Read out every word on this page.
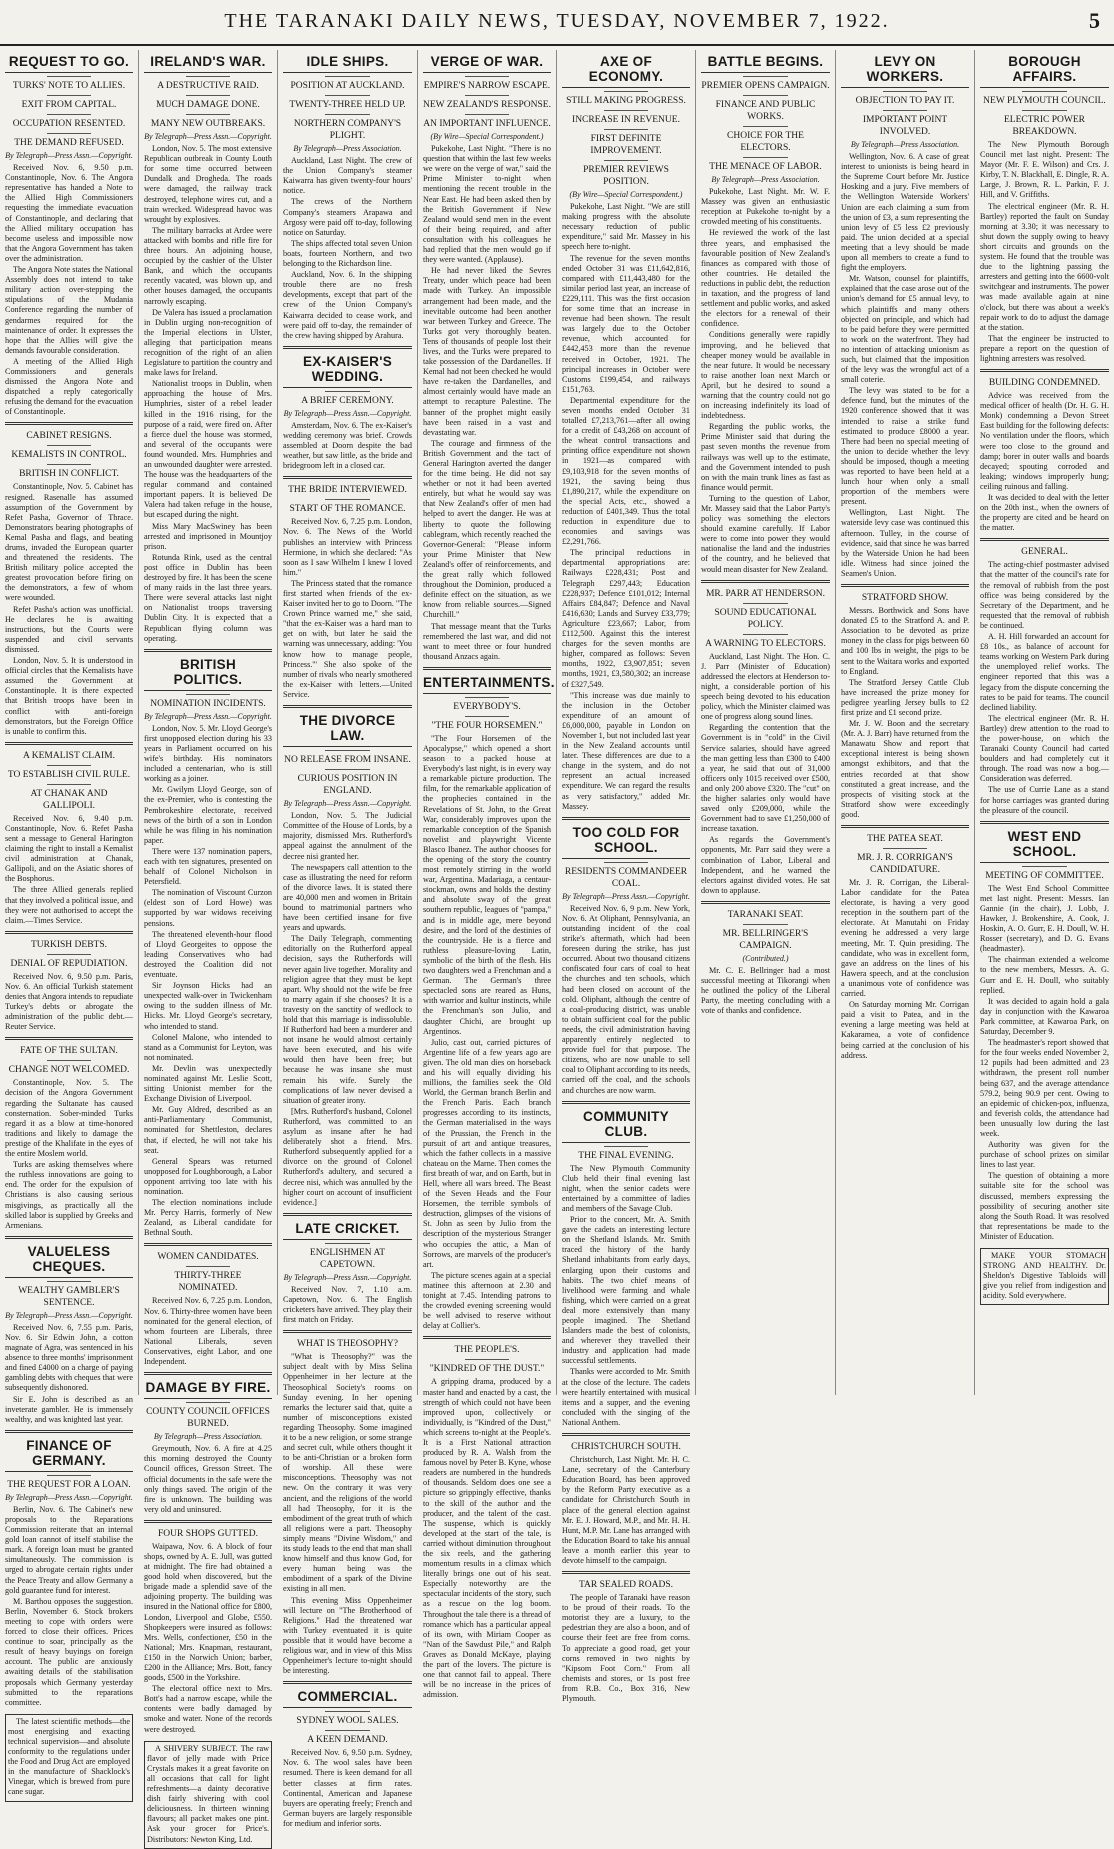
THE TARANAKI DAILY NEWS, TUESDAY, NOVEMBER 7, 1922.	5
REQUEST TO GO.
TURKS' NOTE TO ALLIES.
EXIT FROM CAPITAL.
OCCUPATION RESENTED.
THE DEMAND REFUSED.
By Telegraph—Press Assn.—Copyright.

Received Nov. 6, 9.50 p.m. Constantinople, Nov. 6. The Angora representative has handed a Note to the Allied High Commissioners requesting the immediate evacuation of Constantinople, and declaring that the Allied military occupation has become useless and impossible now that the Angora Government has taken over the administration.

The Angora Note states the National Assembly does not intend to take military action over-stepping the stipulations of the Mudania Conference regarding the number of gendarmes required for the maintenance of order. It expresses the hope that the Allies will give the demands favourable consideration.

A meeting of the Allied High Commissioners and generals dismissed the Angora Note and dispatched a reply categorically refusing the demand for the evacuation of Constantinople.

CABINET RESIGNS.
KEMALISTS IN CONTROL.
BRITISH IN CONFLICT.

Constantinople, Nov. 5. Cabinet has resigned. Rasenalle has assumed assumption of the Government by Refet Pasha, Governor of Thrace. Demonstrators bearing photographs of Kemal Pasha and flags, and beating drums, invaded the European quarter and threatened the residents. The British military police accepted the greatest provocation before firing on the demonstrators, a few of whom were wounded.

Refet Pasha's action was unofficial. He declares he is awaiting instructions, but the Courts were suspended and civil servants dismissed.

London, Nov. 5. It is understood in official circles that the Kemalists have assumed the Government at Constantinople. It is there expected that British troops have been in conflict with anti-foreign demonstrators, but the Foreign Office is unable to confirm this.

A KEMALIST CLAIM.
TO ESTABLISH CIVIL RULE.
AT CHANAK AND GALLIPOLI.

Received Nov. 6, 9.40 p.m. Constantinople, Nov. 6. Refet Pasha sent a message to General Harington claiming the right to install a Kemalist civil administration at Chanak, Gallipoli, and on the Asiatic shores of the Bosphorus.

The three Allied generals replied that they involved a political issue, and they were not authorised to accept the claim.—Times Service.

TURKISH DEBTS.
DENIAL OF REPUDIATION.

Received Nov. 6, 9.50 p.m. Paris, Nov. 6. An official Turkish statement denies that Angora intends to repudiate Turkey's debts or abrogate the administration of the public debt.—Reuter Service.

FATE OF THE SULTAN.
CHANGE NOT WELCOMED.

Constantinople, Nov. 5. The decision of the Angora Government regarding the Sultanate has caused consternation. Sober-minded Turks regard it as a blow at time-honored traditions and likely to damage the prestige of the Khalifate in the eyes of the entire Moslem world.

Turks are asking themselves where the ruthless innovations are going to end. The order for the expulsion of Christians is also causing serious misgivings, as practically all the skilled labor is supplied by Greeks and Armenians.

VALUELESS CHEQUES.
WEALTHY GAMBLER'S SENTENCE.
By Telegraph—Press Assn.—Copyright.

Received Nov. 6, 7.55 p.m. Paris, Nov. 6. Sir Edwin John, a cotton magnate of Agra, was sentenced in his absence to three months' imprisonment and fined £4000 on a charge of paying gambling debts with cheques that were subsequently dishonored.

Sir E. John is described as an inveterate gambler. He is immensely wealthy, and was knighted last year.

FINANCE OF GERMANY.
THE REQUEST FOR A LOAN.
By Telegraph—Press Assn.—Copyright.

Berlin, Nov. 6. The Cabinet's new proposals to the Reparations Commission reiterate that an internal gold loan cannot of itself stabilise the mark. A foreign loan must be granted simultaneously. The commission is urged to abrogate certain rights under the Peace Treaty and allow Germany a gold guarantee fund for interest.

M. Barthou opposes the suggestion. Berlin, November 6. Stock brokers meeting to cope with orders were forced to close their offices. Prices continue to soar, principally as the result of heavy buyings on foreign account. The public are anxiously awaiting details of the stabilisation proposals which Germany yesterday submitted to the reparations committee.

The latest scientific methods—the most energising and exacting technical supervision—and absolute conformity to the regulations under the Food and Drug Act are employed in the manufacture of Shacklock's Vinegar, which is brewed from pure cane sugar.

IRELAND'S WAR.
A DESTRUCTIVE RAID.
MUCH DAMAGE DONE.
MANY NEW OUTBREAKS.
By Telegraph—Press Assn.—Copyright.

London, Nov. 5. The most extensive Republican outbreak in County Louth for some time occurred between Dundalk and Drogheda. The roads were damaged, the railway track destroyed, telephone wires cut, and a train wrecked. Widespread havoc was wrought by explosives.

The military barracks at Ardee were attacked with bombs and rifle fire for three hours. An adjoining house, occupied by the cashier of the Ulster Bank, and which the occupants recently vacated, was blown up, and other houses damaged, the occupants narrowly escaping.

De Valera has issued a proclamation in Dublin urging non-recognition of the Imperial elections in Ulster, alleging that participation means recognition of the right of an alien Legislature to partition the country and make laws for Ireland.

Nationalist troops in Dublin, when approaching the house of Mrs. Humphries, sister of a rebel leader killed in the 1916 rising, for the purpose of a raid, were fired on. After a fierce duel the house was stormed, and several of the occupants were found wounded. Mrs. Humphries and an unwounded daughter were arrested. The house was the headquarters of the regular command and contained important papers. It is believed De Valera had taken refuge in the house, but escaped during the night.

Miss Mary MacSwiney has been arrested and imprisoned in Mountjoy prison.

Rotunda Rink, used as the central post office in Dublin has been destroyed by fire. It has been the scene of many raids in the last three years. There were several attacks last night on Nationalist troops traversing Dublin City. It is expected that a Republican flying column was operating.

BRITISH POLITICS.
NOMINATION INCIDENTS.
By Telegraph—Press Assn.—Copyright.

London, Nov. 5. Mr. Lloyd George's first unopposed election during his 33 years in Parliament occurred on his wife's birthday. His nominators included a centenarian, who is still working as a joiner.

Mr. Gwilym Lloyd George, son of the ex-Premier, who is contesting the Pembrokeshire electorate, received news of the birth of a son in London while he was filing in his nomination paper.

There were 137 nomination papers, each with ten signatures, presented on behalf of Colonel Nicholson in Petersfield.

The nomination of Viscount Curzon (eldest son of Lord Howe) was supported by war widows receiving pensions.

The threatened eleventh-hour flood of Lloyd Georgeites to oppose the leading Conservatives who had destroyed the Coalition did not eventuate.

Sir Joynson Hicks had an unexpected walk-over in Twickenham owing to the sudden illness of Mr. Hicks. Mr. Lloyd George's secretary, who intended to stand.

Colonel Malone, who intended to stand as a Communist for Leyton, was not nominated.

Mr. Devlin was unexpectedly nominated against Mr. Leslie Scott, sitting Unionist member for the Exchange Division of Liverpool.

Mr. Guy Aldred, described as an anti-Parliamentary Communist, nominated for Shettleston, declares that, if elected, he will not take his seat.

General Spears was returned unopposed for Loughborough, a Labor opponent arriving too late with his nomination.

The election nominations include Mr. Percy Harris, formerly of New Zealand, as Liberal candidate for Bethnal South.

WOMEN CANDIDATES.
THIRTY-THREE NOMINATED.

Received Nov. 6, 7.25 p.m. London, Nov. 6. Thirty-three women have been nominated for the general election, of whom fourteen are Liberals, three National Liberals, seven Conservatives, eight Labor, and one Independent.

DAMAGE BY FIRE.
COUNTY COUNCIL OFFICES BURNED.
By Telegraph—Press Association.

Greymouth, Nov. 6. A fire at 4.25 this morning destroyed the County Council offices, Gresson Street. The official documents in the safe were the only things saved. The origin of the fire is unknown. The building was very old and uninsured.

FOUR SHOPS GUTTED.

Waipawa, Nov. 6. A block of four shops, owned by A. E. Jull, was gutted at midnight. The fire had obtained a good hold when discovered, but the brigade made a splendid save of the adjoining property. The building was insured in the National office for £800, London, Liverpool and Globe, £550. Shopkeepers were insured as follows: Mrs. Wells, confectioner, £50 in the National; Mrs. Knapman, restaurant, £150 in the Norwich Union; barber, £200 in the Alliance; Mrs. Bott, fancy goods, £500 in the Yorkshire.

The electoral office next to Mrs. Bott's had a narrow escape, while the contents were badly damaged by smoke and water. None of the records were destroyed.

A SHIVERY SUBJECT. The raw flavor of jelly made with Price Crystals makes it a great favorite on all occasions that call for light refreshments—a dainty decorative dish fairly shivering with cool deliciousness. In thirteen winning flavours; all packet makes one pint. Ask your grocer for Price's. Distributors: Newton King, Ltd.

IDLE SHIPS.
POSITION AT AUCKLAND.
TWENTY-THREE HELD UP.
NORTHERN COMPANY'S PLIGHT.
By Telegraph—Press Association.

Auckland, Last Night. The crew of the Union Company's steamer Kaiwarra has given twenty-four hours' notice.

The crews of the Northern Company's steamers Arapawa and Argosy were paid off to-day, following notice on Saturday.

The ships affected total seven Union boats, fourteen Northern, and two belonging to the Richardson line.

Auckland, Nov. 6. In the shipping trouble there are no fresh developments, except that part of the crew of the Union Company's Kaiwarra decided to cease work, and were paid off to-day, the remainder of the crew having shipped by Arahura.

EX-KAISER'S WEDDING.
A BRIEF CEREMONY.
By Telegraph—Press Assn.—Copyright.

Amsterdam, Nov. 6. The ex-Kaiser's wedding ceremony was brief. Crowds assembled at Doorn despite the bad weather, but saw little, as the bride and bridegroom left in a closed car.

THE BRIDE INTERVIEWED.
START OF THE ROMANCE.

Received Nov. 6, 7.25 p.m. London, Nov. 6. The News of the World publishes an interview with Princess Hermione, in which she declared: "As soon as I saw Wilhelm I knew I loved him."

The Princess stated that the romance first started when friends of the ex-Kaiser invited her to go to Doorn. "The Crown Prince warned me," she said, "that the ex-Kaiser was a hard man to get on with, but later he said the warning was unnecessary, adding: 'You know how to manage people, Princess.'" She also spoke of the number of rivals who nearly smothered the ex-Kaiser with letters.—United Service.

THE DIVORCE LAW.
NO RELEASE FROM INSANE.
CURIOUS POSITION IN ENGLAND.
By Telegraph—Press Assn.—Copyright.

London, Nov. 5. The Judicial Committee of the House of Lords, by a majority, dismissed Mrs. Rutherford's appeal against the annulment of the decree nisi granted her.

The newspapers call attention to the case as illustrating the need for reform of the divorce laws. It is stated there are 40,000 men and women in Britain bound to matrimonial partners who have been certified insane for five years and upwards.

The Daily Telegraph, commenting editorially on the Rutherford appeal decision, says the Rutherfords will never again live together. Morality and religion agree that they must be kept apart. Why should not the wife be free to marry again if she chooses? It is a travesty on the sanctity of wedlock to hold that this marriage is indissoluble. If Rutherford had been a murderer and not insane he would almost certainly have been executed, and his wife would then have been free; but because he was insane she must remain his wife. Surely the complications of law never devised a situation of greater irony.

[Mrs. Rutherford's husband, Colonel Rutherford, was committed to an asylum as insane after he had deliberately shot a friend. Mrs. Rutherford subsequently applied for a divorce on the ground of Colonel Rutherford's adultery, and secured a decree nisi, which was annulled by the higher court on account of insufficient evidence.]

LATE CRICKET.
ENGLISHMEN AT CAPETOWN.
By Telegraph—Press Assn.—Copyright.

Received Nov. 7, 1.10 a.m. Capetown, Nov. 6. The English cricketers have arrived. They play their first match on Friday.

WHAT IS THEOSOPHY?

"What is Theosophy?" was the subject dealt with by Miss Selina Oppenheimer in her lecture at the Theosophical Society's rooms on Sunday evening. In her opening remarks the lecturer said that, quite a number of misconceptions existed regarding Theosophy. Some imagined it to be a new religion, or some strange and secret cult, while others thought it to be anti-Christian or a broken form of worship. All these were misconceptions. Theosophy was not new. On the contrary it was very ancient, and the religions of the world all had Theosophy, for it is the embodiment of the great truth of which all religions were a part. Theosophy simply means "Divine Wisdom," and its study leads to the end that man shall know himself and thus know God, for every human being was the embodiment of a spark of the Divine existing in all men.

This evening Miss Oppenheimer will lecture on "The Brotherhood of Religions." Had the threatened war with Turkey eventuated it is quite possible that it would have become a religious war, and in view of this Miss Oppenheimer's lecture to-night should be interesting.

COMMERCIAL.
SYDNEY WOOL SALES.
A KEEN DEMAND.

Received Nov. 6, 9.50 p.m. Sydney, Nov. 6. The wool sales have been resumed. There is keen demand for all better classes at firm rates. Continental, American and Japanese buyers are operating freely; French and German buyers are largely responsible for medium and inferior sorts.

VERGE OF WAR.
EMPIRE'S NARROW ESCAPE.
NEW ZEALAND'S RESPONSE.
AN IMPORTANT INFLUENCE.
(By Wire—Special Correspondent.)

Pukekohe, Last Night. "There is no question that within the last few weeks we were on the verge of war," said the Prime Minister to-night when mentioning the recent trouble in the Near East. He had been asked then by the British Government if New Zealand would send men in the event of their being required, and after consultation with his colleagues he had replied that the men would go if they were wanted. (Applause).

He had never liked the Sevres Treaty, under which peace had been made with Turkey. An impossible arrangement had been made, and the inevitable outcome had been another war between Turkey and Greece. The Turks got very thoroughly beaten. Tens of thousands of people lost their lives, and the Turks were prepared to take possession of the Dardanelles. If Kemal had not been checked he would have re-taken the Dardanelles, and almost certainly would have made an attempt to recapture Palestine. The banner of the prophet might easily have been raised in a vast and devastating war.

The courage and firmness of the British Government and the tact of General Harington averted the danger for the time being. He did not say whether or not it had been averted entirely, but what he would say was that New Zealand's offer of men had helped to avert the danger. He was at liberty to quote the following cablegram, which recently reached the Governor-General: "Please inform your Prime Minister that New Zealand's offer of reinforcements, and the great rally which followed throughout the Dominion, produced a definite effect on the situation, as we know from reliable sources.—Signed Churchill."

That message meant that the Turks remembered the last war, and did not want to meet three or four hundred thousand Anzacs again.

ENTERTAINMENTS.
EVERYBODY'S.
"THE FOUR HORSEMEN."

"The Four Horsemen of the Apocalypse," which opened a short season to a packed house at Everybody's last night, is in every way a remarkable picture production. The film, for the remarkable application of the prophecies contained in the Revelations of St. John, to the Great War, considerably improves upon the remarkable conception of the Spanish novelist and playwright Vicente Blasco Ibanez. The author chooses for the opening of the story the country most remotely stirring in the world war, Argentina. Madariaga, a centaur-stockman, owns and holds the destiny and absolute sway of the great southern republic, leagues of "pampa," and is in middle age, mere beyond desire, and the lord of the destinies of the countryside. He is a fierce and ruthless pleasure-loving Latin, symbolic of the birth of the flesh. His two daughters wed a Frenchman and a German. The German's three spectacled sons are reared as Huns, with warrior and kultur instincts, while the Frenchman's son Julio, and daughter Chichi, are brought up Argentinos.

Julio, cast out, carried pictures of Argentine life of a few years ago are given. The old man dies on horseback and his will equally dividing his millions, the families seek the Old World, the German branch Berlin and the French Paris. Each branch progresses according to its instincts, the German materialised in the ways of the Prussian, the French in the pursuit of art and antique treasures, which the father collects in a massive chateau on the Marne. Then comes the first breath of war, and on Earth, but in Hell, where all wars breed. The Beast of the Seven Heads and the Four Horsemen, the terrible symbols of destruction, glimpses of the visions of St. John as seen by Julio from the description of the mysterious Stranger who occupies the attic, a Man of Sorrows, are marvels of the producer's art.

The picture scenes again at a special matinee this afternoon at 2.30 and tonight at 7.45. Intending patrons to the crowded evening screening would be well advised to reserve without delay at Collier's.

THE PEOPLE'S.
"KINDRED OF THE DUST."

A gripping drama, produced by a master hand and enacted by a cast, the strength of which could not have been improved upon, collectively or individually, is "Kindred of the Dust," which screens to-night at the People's. It is a First National attraction produced by R. A. Walsh from the famous novel by Peter B. Kyne, whose readers are numbered in the hundreds of thousands. Seldom does one see a picture so grippingly effective, thanks to the skill of the author and the producer, and the talent of the cast. The suspense, which is quickly developed at the start of the tale, is carried without diminution throughout the six reels, and the gathering momentum results in a climax which literally brings one out of his seat. Especially noteworthy are the spectacular incidents of the story, such as a rescue on the log boom. Throughout the tale there is a thread of romance which has a particular appeal of its own, with Miriam Cooper as "Nan of the Sawdust Pile," and Ralph Graves as Donald McKaye, playing the part of the lovers. The picture is one that cannot fail to appeal. There will be no increase in the prices of admission.

AXE OF ECONOMY.
STILL MAKING PROGRESS.
INCREASE IN REVENUE.
FIRST DEFINITE IMPROVEMENT.
PREMIER REVIEWS POSITION.
(By Wire—Special Correspondent.)

Pukekohe, Last Night. "We are still making progress with the absolute necessary reduction of public expenditure," said Mr. Massey in his speech here to-night.

The revenue for the seven months ended October 31 was £11,642,816, compared with £11,443,480 for the similar period last year, an increase of £229,111. This was the first occasion for some time that an increase in revenue had been shown. The result was largely due to the October revenue, which accounted for £442,453 more than the revenue received in October, 1921. The principal increases in October were Customs £199,454, and railways £151,763.

Departmental expenditure for the seven months ended October 31 totalled £7,213,761—after all owing for a credit of £43,268 on account of the wheat control transactions and printing office expenditure not shown in 1921—as compared with £9,103,918 for the seven months of 1921, the saving being thus £1,890,217, while the expenditure on the special Acts, etc., showed a reduction of £401,349. Thus the total reduction in expenditure due to economies and savings was £2,291,766.

The principal reductions in departmental appropriations are: Railways £228,431; Post and Telegraph £297,443; Education £228,937; Defence £101,012; Internal Affairs £84,847; Defence and Naval £416,630; Lands and Survey £33,779; Agriculture £23,667; Labor, from £112,500. Against this the interest charges for the seven months are higher, compared as follows: Seven months, 1922, £3,907,851; seven months, 1921, £3,580,302; an increase of £327,549.

"This increase was due mainly to the inclusion in the October expenditure of an amount of £6,000,000, payable in London on November 1, but not included last year in the New Zealand accounts until later. These differences are due to a change in the system, and do not represent an actual increased expenditure. We can regard the results as very satisfactory," added Mr. Massey.

TOO COLD FOR SCHOOL.
RESIDENTS COMMANDEER COAL.
By Telegraph—Press Assn.—Copyright.

Received Nov. 6, 9 p.m. New York, Nov. 6. At Oliphant, Pennsylvania, an outstanding incident of the coal strike's aftermath, which had been foreseen during the strike, has just occurred. About two thousand citizens confiscated four cars of coal to heat the churches and ten schools, which had been closed on account of the cold. Oliphant, although the centre of a coal-producing district, was unable to obtain sufficient coal for the public needs, the civil administration having apparently entirely neglected to provide fuel for that purpose. The citizens, who are now unable to sell coal to Oliphant according to its needs, carried off the coal, and the schools and churches are now warm.

COMMUNITY CLUB.
THE FINAL EVENING.

The New Plymouth Community Club held their final evening last night, when the senior cadets were entertained by a committee of ladies and members of the Savage Club.

Prior to the concert, Mr. A. Smith gave the cadets an interesting lecture on the Shetland Islands. Mr. Smith traced the history of the hardy Shetland inhabitants from early days, enlarging upon their customs and habits. The two chief means of livelihood were farming and whale fishing, which were carried on a great deal more extensively than many people imagined. The Shetland Islanders made the best of colonists, and wherever they travelled their industry and application had made successful settlements.

Thanks were accorded to Mr. Smith at the close of the lecture. The cadets were heartily entertained with musical items and a supper, and the evening concluded with the singing of the National Anthem.

CHRISTCHURCH SOUTH.

Christchurch, Last Night. Mr. H. C. Lane, secretary of the Canterbury Education Board, has been approved by the Reform Party executive as a candidate for Christchurch South in place of the general election against Mr. E. J. Howard, M.P., and Mr. H. H. Hunt, M.P. Mr. Lane has arranged with the Education Board to take his annual leave a month earlier this year to devote himself to the campaign.

TAR SEALED ROADS.

The people of Taranaki have reason to be proud of their roads. To the motorist they are a luxury, to the pedestrian they are also a boon, and of course their feet are free from corns. To appreciate a good road, get your corns removed in two nights by "Kipsom Foot Corn." From all chemists and stores, or 1s post free from R.B. Co., Box 316, New Plymouth.

BATTLE BEGINS.
PREMIER OPENS CAMPAIGN.
FINANCE AND PUBLIC WORKS.
CHOICE FOR THE ELECTORS.
THE MENACE OF LABOR.
By Telegraph—Press Association.

Pukekohe, Last Night. Mr. W. F. Massey was given an enthusiastic reception at Pukekohe to-night by a crowded meeting of his constituents.

He reviewed the work of the last three years, and emphasised the favourable position of New Zealand's finances as compared with those of other countries. He detailed the reductions in public debt, the reduction in taxation, and the progress of land settlement and public works, and asked the electors for a renewal of their confidence.

Conditions generally were rapidly improving, and he believed that cheaper money would be available in the near future. It would be necessary to raise another loan next March or April, but he desired to sound a warning that the country could not go on increasing indefinitely its load of indebtedness.

Regarding the public works, the Prime Minister said that during the past seven months the revenue from railways was well up to the estimate, and the Government intended to push on with the main trunk lines as fast as finance would permit.

Turning to the question of Labor, Mr. Massey said that the Labor Party's policy was something the electors should examine carefully. If Labor were to come into power they would nationalise the land and the industries of the country, and he believed that would mean disaster for New Zealand.

MR. PARR AT HENDERSON.
SOUND EDUCATIONAL POLICY.
A WARNING TO ELECTORS.

Auckland, Last Night. The Hon. C. J. Parr (Minister of Education) addressed the electors at Henderson to-night, a considerable portion of his speech being devoted to his education policy, which the Minister claimed was one of progress along sound lines.

Regarding the contention that the Government is in "cold" in the Civil Service salaries, should have agreed the man getting less than £300 to £400 a year, he said that out of 31,000 officers only 1015 received over £500, and only 200 above £320. The "cut" on the higher salaries only would have saved only £209,000, while the Government had to save £1,250,000 of increase taxation.

As regards the Government's opponents, Mr. Parr said they were a combination of Labor, Liberal and Independent, and he warned the electors against divided votes. He sat down to applause.

TARANAKI SEAT.
MR. BELLRINGER'S CAMPAIGN.
(Contributed.)

Mr. C. E. Bellringer had a most successful meeting at Tikorangi when he outlined the policy of the Liberal Party, the meeting concluding with a vote of thanks and confidence.

LEVY ON WORKERS.
OBJECTION TO PAY IT.
IMPORTANT POINT INVOLVED.
By Telegraph—Press Association.

Wellington, Nov. 6. A case of great interest to unionists is being heard in the Supreme Court before Mr. Justice Hosking and a jury. Five members of the Wellington Waterside Workers' Union are each claiming a sum from the union of £3, a sum representing the union levy of £5 less £2 previously paid. The union decided at a special meeting that a levy should be made upon all members to create a fund to fight the employers.

Mr. Watson, counsel for plaintiffs, explained that the case arose out of the union's demand for £5 annual levy, to which plaintiffs and many others objected on principle, and which had to be paid before they were permitted to work on the waterfront. They had no intention of attacking unionism as such, but claimed that the imposition of the levy was the wrongful act of a small coterie.

The levy was stated to be for a defence fund, but the minutes of the 1920 conference showed that it was intended to raise a strike fund estimated to produce £8000 a year. There had been no special meeting of the union to decide whether the levy should be imposed, though a meeting was reported to have been held at a lunch hour when only a small proportion of the members were present.

Wellington, Last Night. The waterside levy case was continued this afternoon. Tulley, in the course of evidence, said that since he was barred by the Waterside Union he had been idle. Witness had since joined the Seamen's Union.

STRATFORD SHOW.

Messrs. Borthwick and Sons have donated £5 to the Stratford A. and P. Association to be devoted as prize money in the class for pigs between 60 and 100 lbs in weight, the pigs to be sent to the Waitara works and exported to England.

The Stratford Jersey Cattle Club have increased the prize money for pedigree yearling Jersey bulls to £2 first prize and £1 second prize.

Mr. J. W. Boon and the secretary (Mr. A. J. Barr) have returned from the Manawatu Show and report that exceptional interest is being shown amongst exhibitors, and that the entries recorded at that show constituted a great increase, and the prospects of visiting stock at the Stratford show were exceedingly good.

THE PATEA SEAT.
MR. J. R. CORRIGAN'S CANDIDATURE.

Mr. J. R. Corrigan, the Liberal-Labor candidate for the Patea electorate, is having a very good reception in the southern part of the electorate. At Manutahi on Friday evening he addressed a very large meeting, Mr. T. Quin presiding. The candidate, who was in excellent form, gave an address on the lines of his Hawera speech, and at the conclusion a unanimous vote of confidence was carried.

On Saturday morning Mr. Corrigan paid a visit to Patea, and in the evening a large meeting was held at Kakaramea, a vote of confidence being carried at the conclusion of his address.

BOROUGH AFFAIRS.
NEW PLYMOUTH COUNCIL.
ELECTRIC POWER BREAKDOWN.

The New Plymouth Borough Council met last night. Present: The Mayor (Mr. F. E. Wilson) and Crs. J. Kirby, T. N. Blackhall, E. Dingle, R. A. Large, J. Brown, R. L. Parkin, F. J. Hill, and V. Griffiths.

The electrical engineer (Mr. R. H. Bartley) reported the fault on Sunday morning at 3.30; it was necessary to shut down the supply owing to heavy short circuits and grounds on the system. He found that the trouble was due to the lightning passing the arresters and getting into the 6600-volt switchgear and instruments. The power was made available again at nine o'clock, but there was about a week's repair work to do to adjust the damage at the station.

That the engineer be instructed to prepare a report on the question of lightning arresters was resolved.

BUILDING CONDEMNED.

Advice was received from the medical officer of health (Dr. H. G. H. Monk) condemning a Devon Street East building for the following defects: No ventilation under the floors, which were too close to the ground and damp; borer in outer walls and boards decayed; spouting corroded and leaking; windows improperly hung; ceiling ruinous and falling.

It was decided to deal with the letter on the 20th inst., when the owners of the property are cited and be heard on the matter.

GENERAL.

The acting-chief postmaster advised that the matter of the council's rate for the removal of rubbish from the post office was being considered by the Secretary of the Department, and he requested that the removal of rubbish be continued.

A. H. Hill forwarded an account for £8 10s., as balance of account for teams working on Western Park during the unemployed relief works. The engineer reported that this was a legacy from the dispute concerning the rates to be paid for teams. The council declined liability.

The electrical engineer (Mr. R. H. Bartley) drew attention to the road to the power-house, on which the Taranaki County Council had carted boulders and had completely cut it through. The road was now a bog.—Consideration was deferred.

The use of Currie Lane as a stand for horse carriages was granted during the pleasure of the council.

WEST END SCHOOL.
MEETING OF COMMITTEE.

The West End School Committee met last night. Present: Messrs. Ian Gannie (in the chair), J. Lobb, J. Hawker, J. Brokenshire, A. Cook, J. Hoskin, A. O. Gurr, E. H. Doull, W. H. Rosser (secretary), and D. G. Evans (headmaster).

The chairman extended a welcome to the new members, Messrs. A. G. Gurr and E. H. Doull, who suitably replied.

It was decided to again hold a gala day in conjunction with the Kawaroa Park committee, at Kawaroa Park, on Saturday, December 9.

The headmaster's report showed that for the four weeks ended November 2, 12 pupils had been admitted and 23 withdrawn, the present roll number being 637, and the average attendance 579.2, being 90.9 per cent. Owing to an epidemic of chicken-pox, influenza, and feverish colds, the attendance had been unusually low during the last week.

Authority was given for the purchase of school prizes on similar lines to last year.

The question of obtaining a more suitable site for the school was discussed, members expressing the possibility of securing another site along the South Road. It was resolved that representations be made to the Minister of Education.

MAKE YOUR STOMACH STRONG AND HEALTHY. Dr. Sheldon's Digestive Tabloids will give you relief from indigestion and acidity. Sold everywhere.
